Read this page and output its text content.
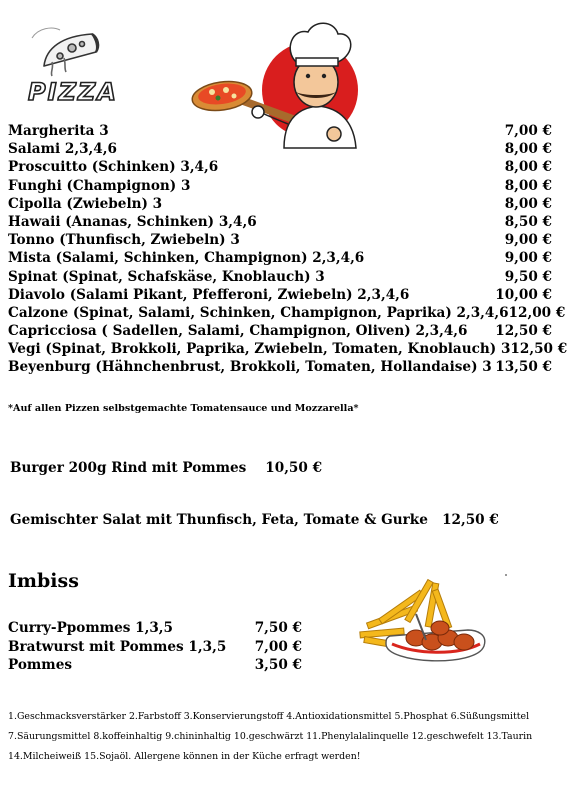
PIZZA
Margherita 3	7,00 €
Salami 2,3,4,6	8,00 €
Proscuitto (Schinken) 3,4,6	8,00 €
Funghi (Champignon) 3	8,00 €
Cipolla (Zwiebeln) 3	8,00 €
Hawaii (Ananas, Schinken) 3,4,6	8,50 €
Tonno (Thunfisch, Zwiebeln) 3	9,00 €
Mista (Salami, Schinken, Champignon) 2,3,4,6	9,00 €
Spinat (Spinat, Schafskäse, Knoblauch) 3	9,50 €
Diavolo (Salami Pikant, Pfefferoni, Zwiebeln) 2,3,4,6	10,00 €
Calzone (Spinat, Salami, Schinken, Champignon, Paprika) 2,3,4,6 12,00 €
Capricciosa ( Sadellen, Salami, Champignon, Oliven) 2,3,4,6 12,50 €
Vegi (Spinat, Brokkoli, Paprika, Zwiebeln, Tomaten, Knoblauch) 3 12,50 €
Beyenburg (Hähnchenbrust, Brokkoli, Tomaten, Hollandaise) 3 13,50 €
*Auf allen Pizzen selbstgemachte Tomatensauce und Mozzarella*
Burger 200g Rind mit Pommes 10,50 €
Gemischter Salat mit Thunfisch, Feta, Tomate & Gurke 12,50 €
Imbiss
Curry-Ppommes 1,3,5	7,50 €
Bratwurst mit Pommes 1,3,5 7,00 €
Pommes	3,50 €
1.Geschmacksverstärker 2.Farbstoff 3.Konservierungstoff 4.Antioxidationsmittel 5.Phosphat 6.Süßungsmittel
7.Säurungsmittel 8.koffeinhaltig 9.chininhaltig 10.geschwärzt 11.Phenylalalinquelle 12.geschwefelt 13.Taurin
14.Milcheiweiß 15.Sojaöl. Allergene können in der Küche erfragt werden!
